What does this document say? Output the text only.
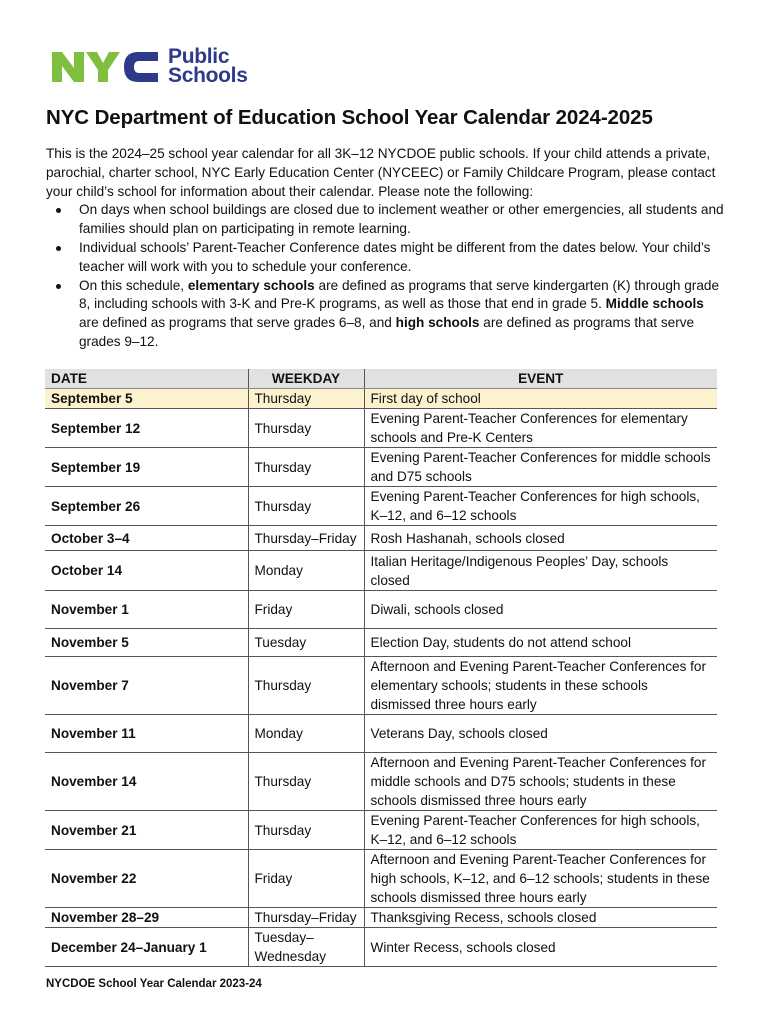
Public
Schools
NYC Department of Education School Year Calendar 2024-2025

This is the 2024–25 school year calendar for all 3K–12 NYCDOE public schools. If your child attends a private, parochial, charter school, NYC Early Education Center (NYCEEC) or Family Childcare Program, please contact your child’s school for information about their calendar. Please note the following:

On days when school buildings are closed due to inclement weather or other emergencies, all students and families should plan on participating in remote learning.
Individual schools’ Parent-Teacher Conference dates might be different from the dates below. Your child’s teacher will work with you to schedule your conference.
On this schedule, elementary schools are defined as programs that serve kindergarten (K) through grade 8, including schools with 3-K and Pre-K programs, as well as those that end in grade 5. Middle schools are defined as programs that serve grades 6–8, and high schools are defined as programs that serve grades 9–12.
DATE	WEEKDAY	EVENT
September 5	Thursday	First day of school
September 12	Thursday	Evening Parent-Teacher Conferences for elementary schools and Pre-K Centers
September 19	Thursday	Evening Parent-Teacher Conferences for middle schools and D75 schools
September 26	Thursday	Evening Parent-Teacher Conferences for high schools, K–12, and 6–12 schools
October 3–4	Thursday–Friday	Rosh Hashanah, schools closed
October 14	Monday	Italian Heritage/Indigenous Peoples’ Day, schools closed
November 1	Friday	Diwali, schools closed
November 5	Tuesday	Election Day, students do not attend school
November 7	Thursday	Afternoon and Evening Parent-Teacher Conferences for elementary schools; students in these schools dismissed three hours early
November 11	Monday	Veterans Day, schools closed
November 14	Thursday	Afternoon and Evening Parent-Teacher Conferences for middle schools and D75 schools; students in these schools dismissed three hours early
November 21	Thursday	Evening Parent-Teacher Conferences for high schools, K–12, and 6–12 schools
November 22	Friday	Afternoon and Evening Parent-Teacher Conferences for high schools, K–12, and 6–12 schools; students in these schools dismissed three hours early
November 28–29	Thursday–Friday	Thanksgiving Recess, schools closed
December 24–January 1	Tuesday–Wednesday	Winter Recess, schools closed
NYCDOE School Year Calendar 2023-24
